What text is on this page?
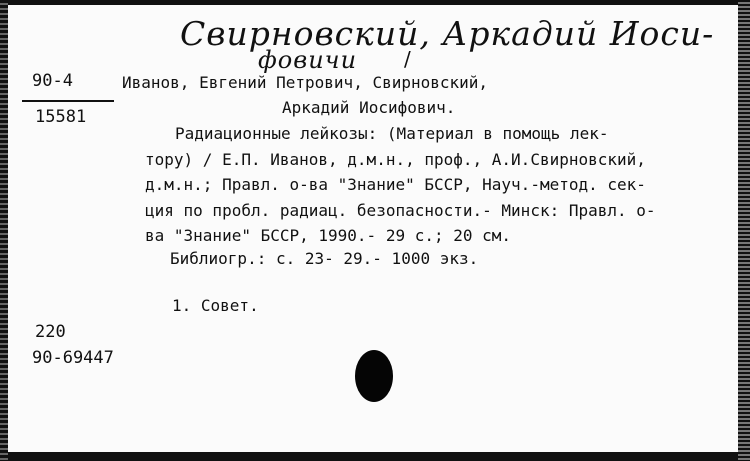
Свирновский, Аркадий Иоси-
фовичи /
90-4
15581
Иванов, Евгений Петрович, Свирновский,
Аркадий Иосифович.
Радиационные лейкозы: (Материал в помощь лек-
тору) / Е.П. Иванов, д.м.н., проф., А.И.Свирновский,
д.м.н.; Правл. о-ва "Знание" БССР, Науч.-метод. сек-
ция по пробл. радиац. безопасности.- Минск: Правл. о-
ва "Знание" БССР, 1990.- 29 с.; 20 см.
Библиогр.: с. 23- 29.- 1000 экз.
1. Совет.
220
90-69447
